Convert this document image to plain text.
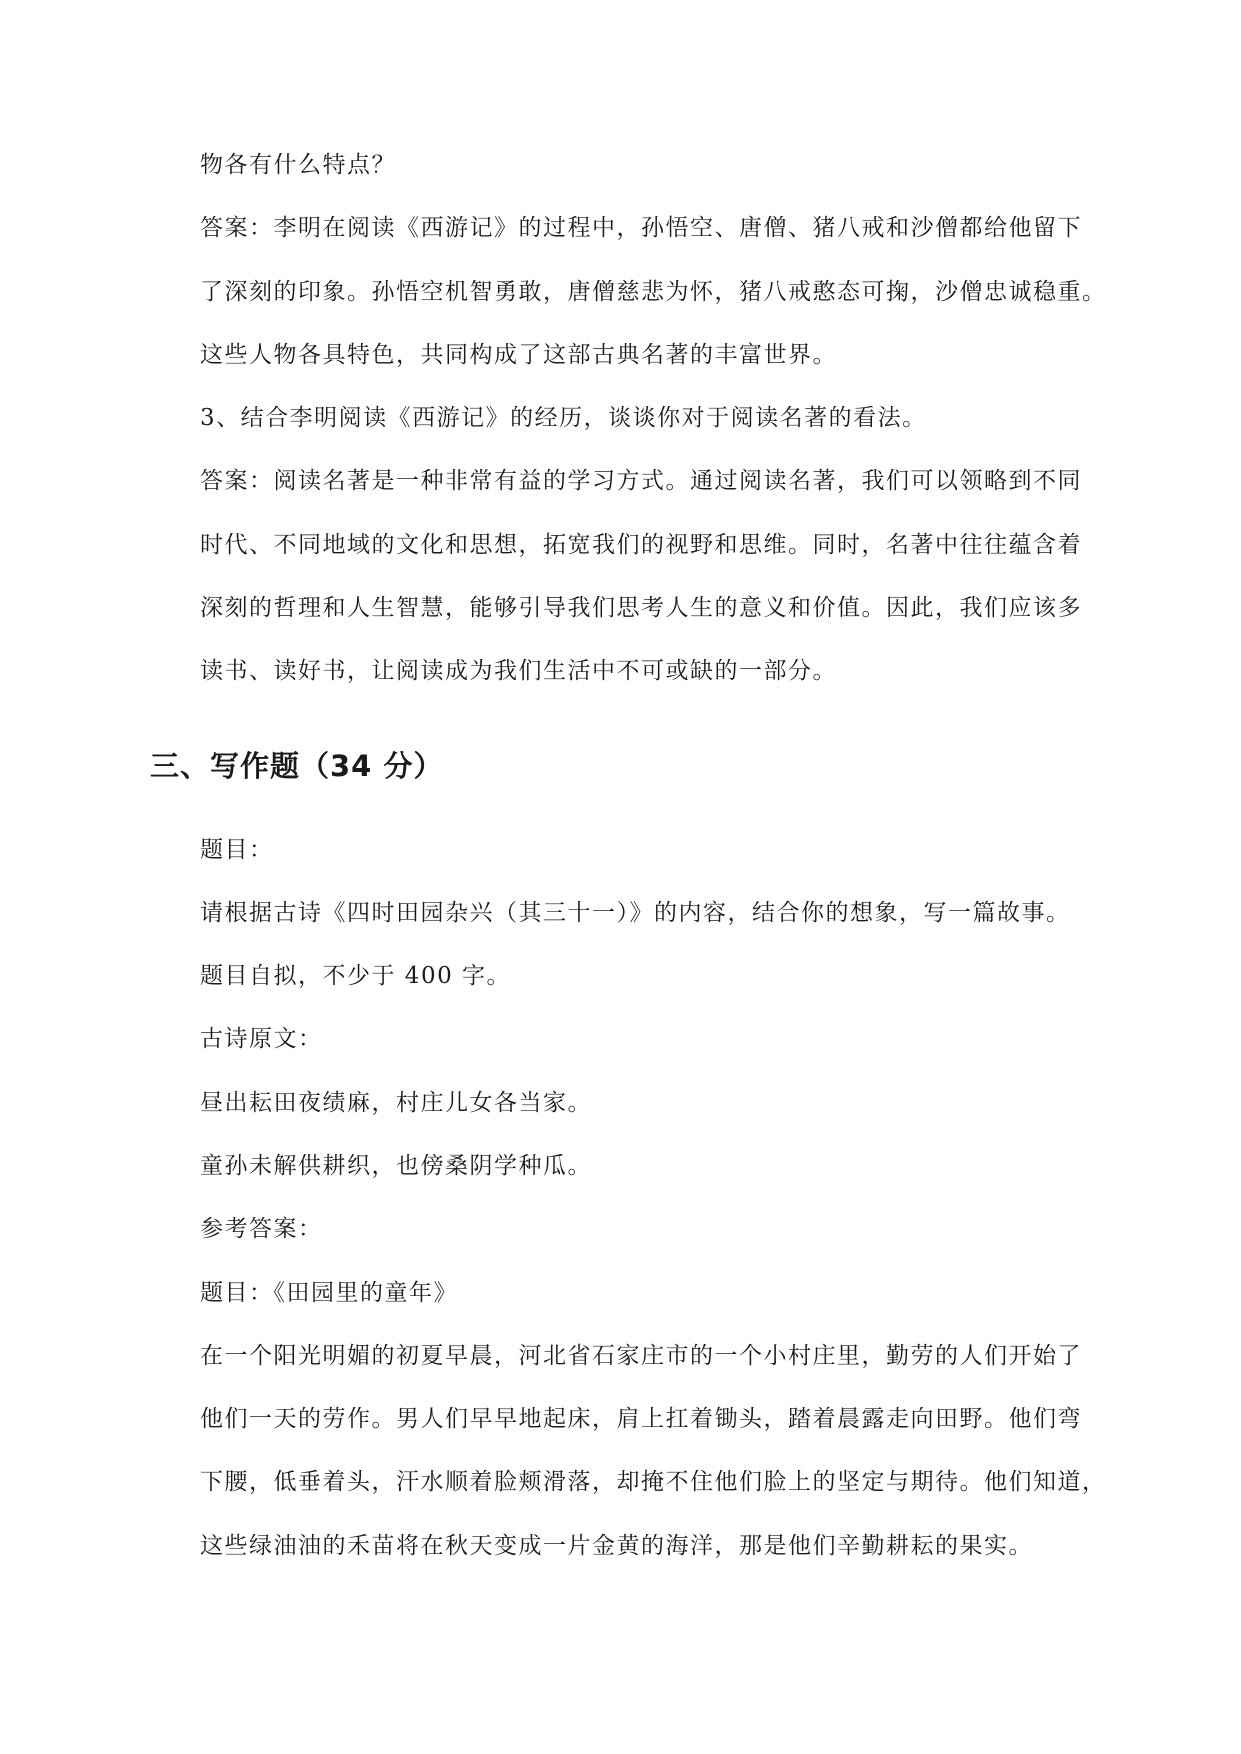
物各有什么特点？
答案：李明在阅读《西游记》的过程中，孙悟空、唐僧、猪八戒和沙僧都给他留下
了深刻的印象。孙悟空机智勇敢，唐僧慈悲为怀，猪八戒憨态可掬，沙僧忠诚稳重。
这些人物各具特色，共同构成了这部古典名著的丰富世界。
3、结合李明阅读《西游记》的经历，谈谈你对于阅读名著的看法。
答案：阅读名著是一种非常有益的学习方式。通过阅读名著，我们可以领略到不同
时代、不同地域的文化和思想，拓宽我们的视野和思维。同时，名著中往往蕴含着
深刻的哲理和人生智慧，能够引导我们思考人生的意义和价值。因此，我们应该多
读书、读好书，让阅读成为我们生活中不可或缺的一部分。
三、写作题（34 分）
题目：
请根据古诗《四时田园杂兴（其三十一）》的内容，结合你的想象，写一篇故事。
题目自拟，不少于 400 字。
古诗原文：
昼出耘田夜绩麻，村庄儿女各当家。
童孙未解供耕织，也傍桑阴学种瓜。
参考答案：
题目：《田园里的童年》
在一个阳光明媚的初夏早晨，河北省石家庄市的一个小村庄里，勤劳的人们开始了
他们一天的劳作。男人们早早地起床，肩上扛着锄头，踏着晨露走向田野。他们弯
下腰，低垂着头，汗水顺着脸颊滑落，却掩不住他们脸上的坚定与期待。他们知道，
这些绿油油的禾苗将在秋天变成一片金黄的海洋，那是他们辛勤耕耘的果实。
